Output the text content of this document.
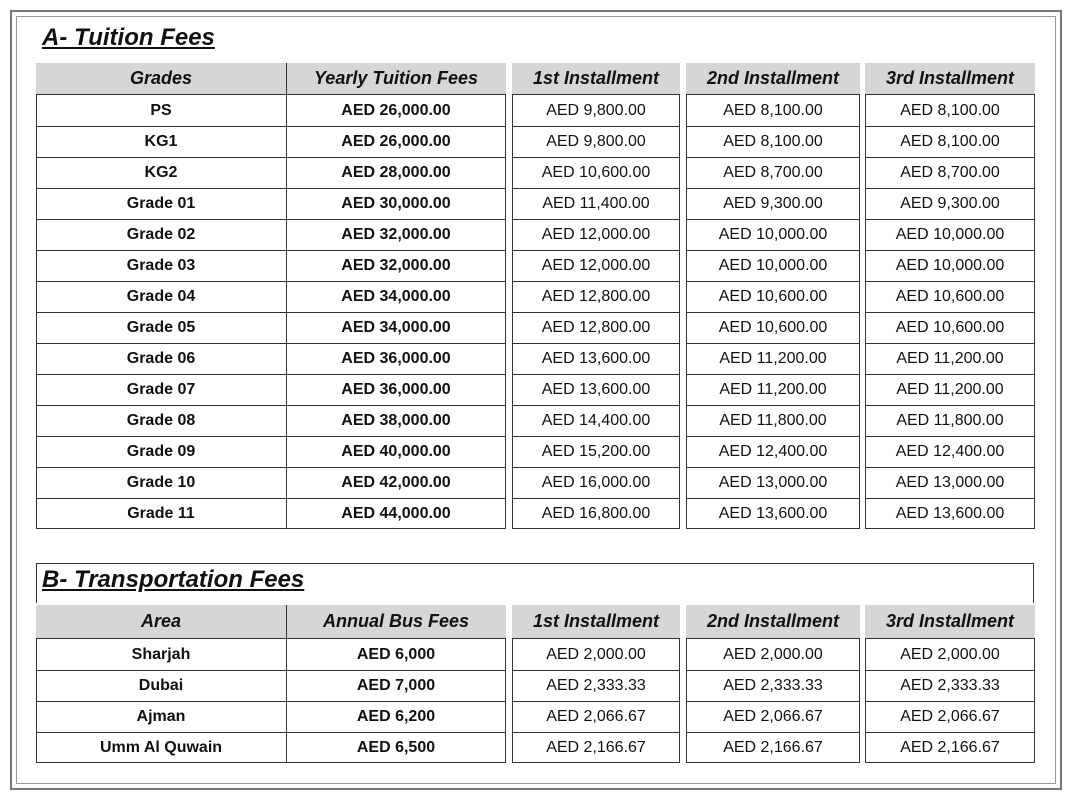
A- Tuition Fees
Grades	Yearly Tuition Fees	1st Installment	2nd Installment	3rd Installment
PS	AED 26,000.00	AED 9,800.00	AED 8,100.00	AED 8,100.00
KG1	AED 26,000.00	AED 9,800.00	AED 8,100.00	AED 8,100.00
KG2	AED 28,000.00	AED 10,600.00	AED 8,700.00	AED 8,700.00
Grade 01	AED 30,000.00	AED 11,400.00	AED 9,300.00	AED 9,300.00
Grade 02	AED 32,000.00	AED 12,000.00	AED 10,000.00	AED 10,000.00
Grade 03	AED 32,000.00	AED 12,000.00	AED 10,000.00	AED 10,000.00
Grade 04	AED 34,000.00	AED 12,800.00	AED 10,600.00	AED 10,600.00
Grade 05	AED 34,000.00	AED 12,800.00	AED 10,600.00	AED 10,600.00
Grade 06	AED 36,000.00	AED 13,600.00	AED 11,200.00	AED 11,200.00
Grade 07	AED 36,000.00	AED 13,600.00	AED 11,200.00	AED 11,200.00
Grade 08	AED 38,000.00	AED 14,400.00	AED 11,800.00	AED 11,800.00
Grade 09	AED 40,000.00	AED 15,200.00	AED 12,400.00	AED 12,400.00
Grade 10	AED 42,000.00	AED 16,000.00	AED 13,000.00	AED 13,000.00
Grade 11	AED 44,000.00	AED 16,800.00	AED 13,600.00	AED 13,600.00
B- Transportation Fees
Area	Annual Bus Fees	1st Installment	2nd Installment	3rd Installment
Sharjah	AED 6,000	AED 2,000.00	AED 2,000.00	AED 2,000.00
Dubai	AED 7,000	AED 2,333.33	AED 2,333.33	AED 2,333.33
Ajman	AED 6,200	AED 2,066.67	AED 2,066.67	AED 2,066.67
Umm Al Quwain	AED 6,500	AED 2,166.67	AED 2,166.67	AED 2,166.67
